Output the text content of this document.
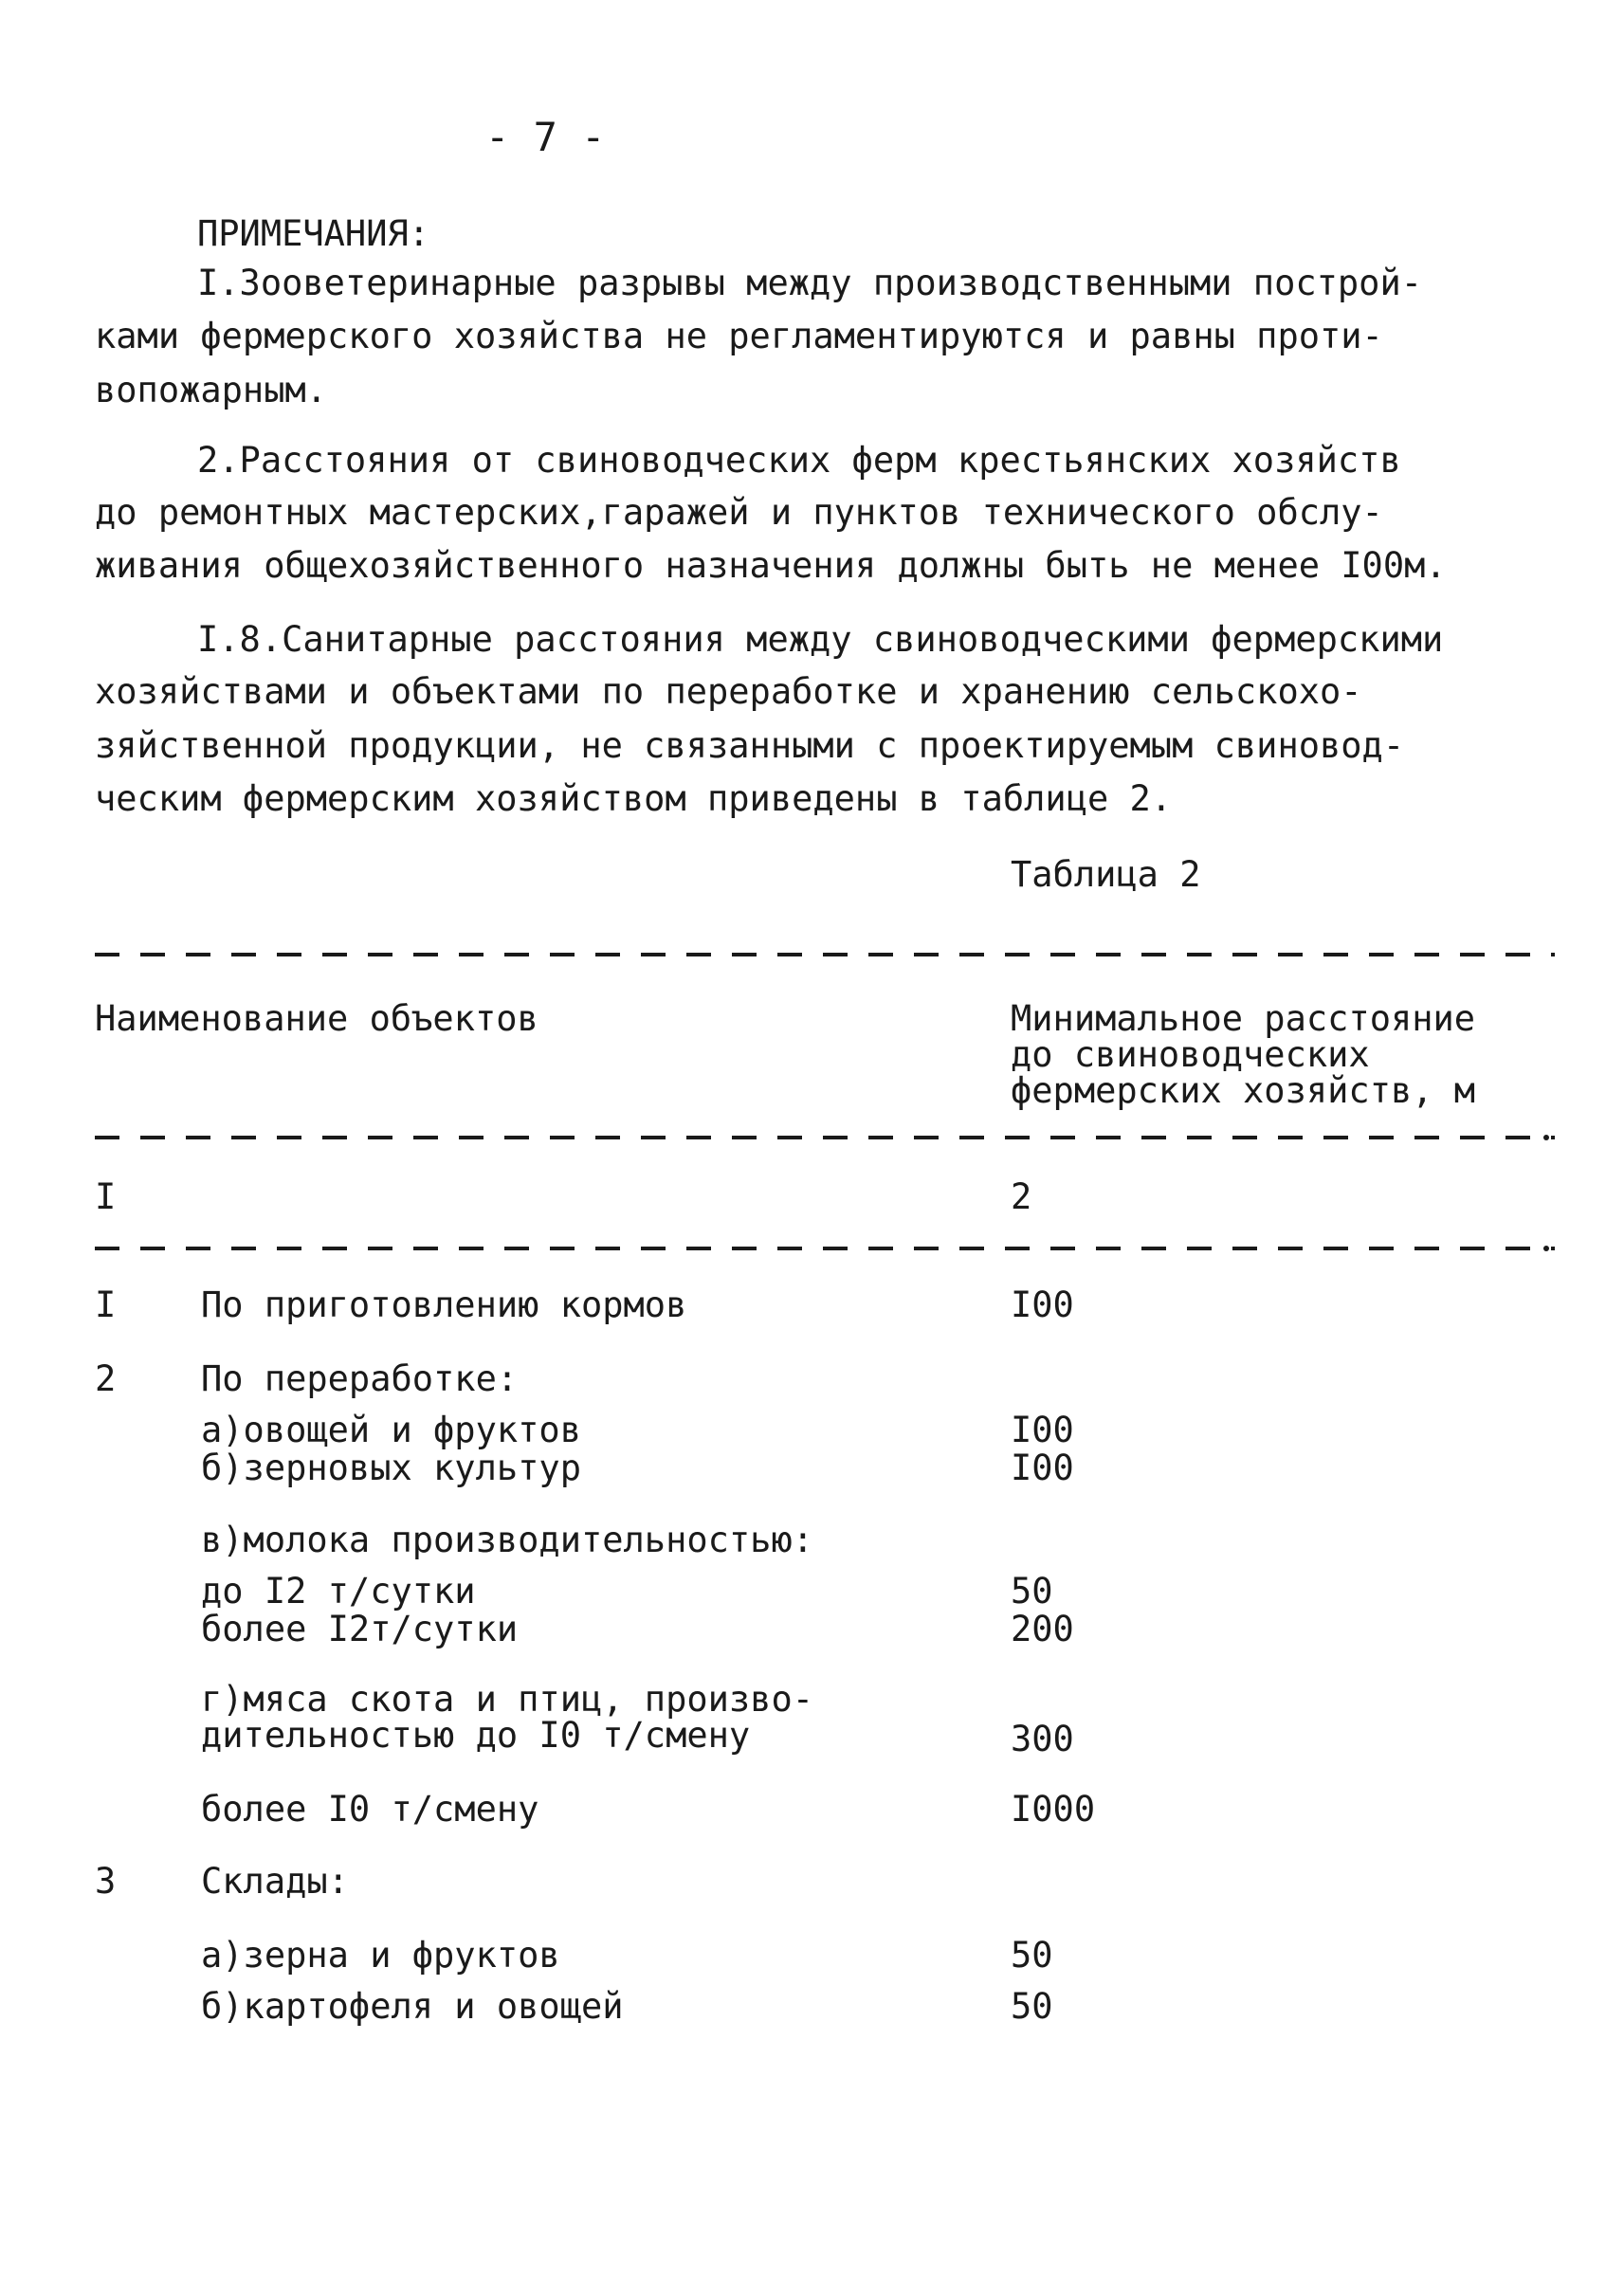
- 7 -
ПРИМЕЧАНИЯ:
I.Зооветеринарные разрывы между производственными построй-
ками фермерского хозяйства не регламентируются и равны проти-
вопожарным.
2.Расстояния от свиноводческих ферм крестьянских хозяйств
до ремонтных мастерских,гаражей и пунктов технического обслу-
живания общехозяйственного назначения должны быть не менее I00м.
I.8.Санитарные расстояния между свиноводческими фермерскими
хозяйствами и объектами по переработке и хранению сельскохо-
зяйственной продукции, не связанными с проектируемым свиновод-
ческим фермерским хозяйством приведены в таблице 2.
Таблица 2
Наименование объектов	Минимальное расстояние
до свиноводческих
фермерских хозяйств, м
I	2
I По приготовлению кормов	I00
2 По переработке:
а)овощей и фруктов	I00
б)зерновых культур	I00
в)молока производительностью:
до I2 т/сутки	50
более I2т/сутки	200
г)мяса скота и птиц, произво-
дительностью до I0 т/смену	300
более I0 т/смену	I000
3 Склады:
а)зерна и фруктов	50
б)картофеля и овощей	50
